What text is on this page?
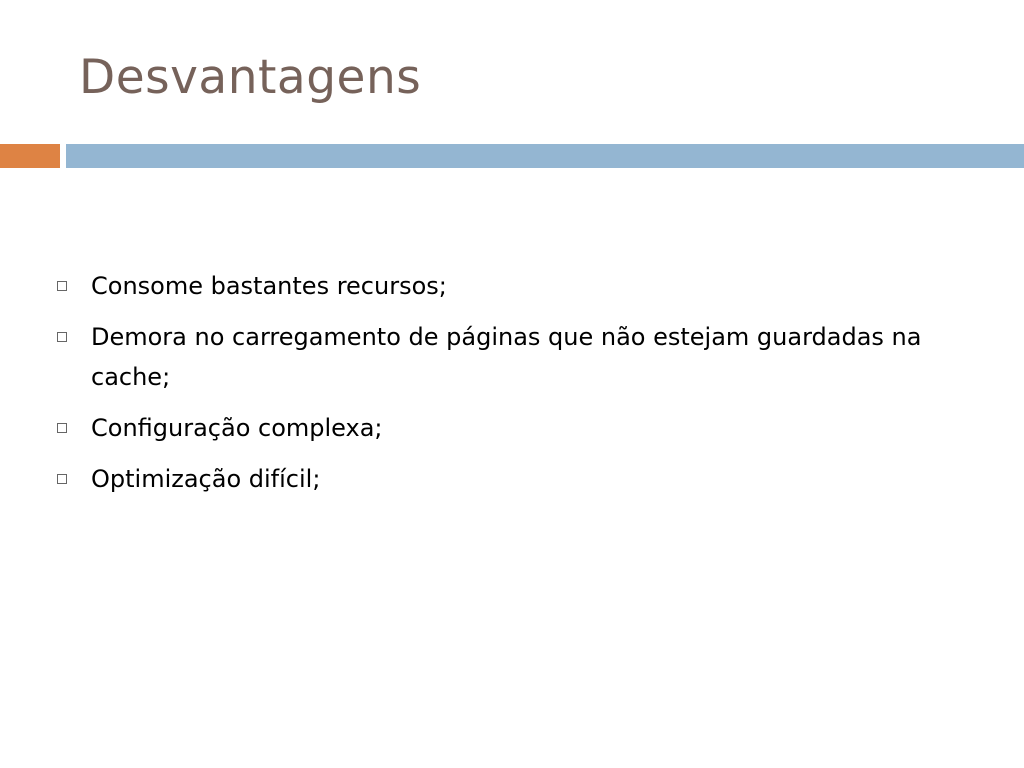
Desvantagens
Consome bastantes recursos;
Demora no carregamento de páginas que não estejam guardadas na cache;
Configuração complexa;
Optimização difícil;
